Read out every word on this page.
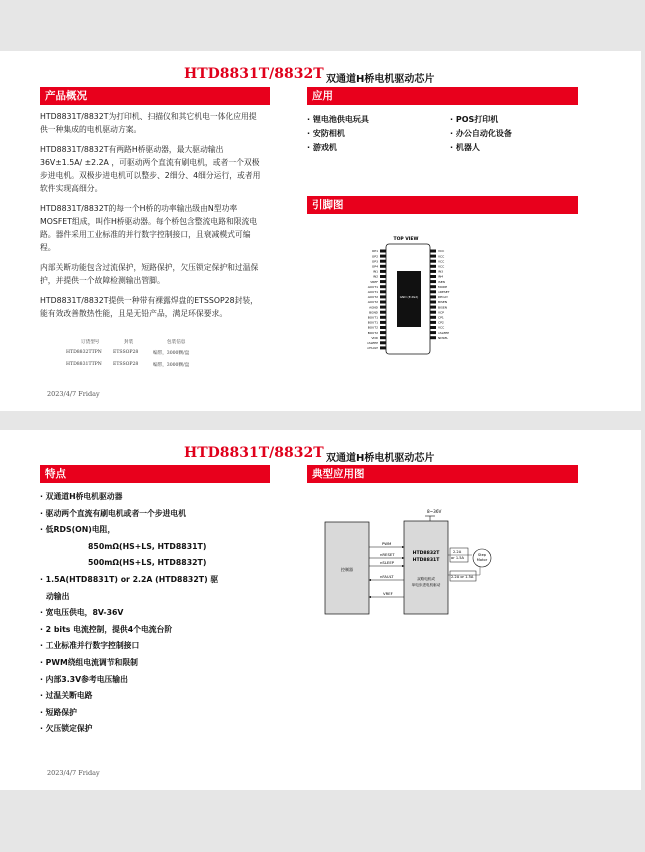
HTD8831T/8832T 双通道H桥电机驱动芯片
产品概况

HTD8831T/8832T为打印机、扫描仪和其它机电一体化应用提供一种集成的电机驱动方案。

HTD8831T/8832T有两路H桥驱动器，最大驱动输出36V±1.5A/ ±2.2A ，可驱动两个直流有刷电机，或者一个双极步进电机。双极步进电机可以整步、2细分、4细分运行，或者用软件实现高细分。

HTD8831T/8832T的每一个H桥的功率输出级由N型功率MOSFET组成，叫作H桥驱动器。每个桥包含整流电路和限流电路。器件采用工业标准的并行数字控制接口，且衰减模式可编程。

内部关断功能包含过流保护，短路保护，欠压锁定保护和过温保护，并提供一个故障检测输出管脚。

HTD8831T/8832T提供一种带有裸露焊盘的ETSSOP28封装，能有效改善散热性能，且是无铅产品，满足环保要求。

订货型号	封装	包装信息
HTD8832TTPN ETSSOP28	编带，3000颗/盘
HTD8831TTPN ETSSOP28	编带，3000颗/盘
应用
· 锂电池供电玩具
· 安防相机
· 游戏机
· POS打印机
· 办公自动化设备
· 机器人
引脚图
TOP VIEW
GND (E-Pad)
OP1
OP2
OP3
OP4
IN1
IN2
VREF
AOUT1
AOUT1
AOUT2
AOUT2
AGND
BGND
BOUT1
BOUT1
BOUT2
BOUT2
VDD
nSLEEP
nFAULT
VCC
VCC
VCC
VCC
IN3
IN4
ISEN
MODE
nRESET
DECAY
BISEN
BISEN
VCP
CP1
CP2
VCC
nSLEEP
NDSEL
2023/4/7 Friday
HTD8831T/8832T 双通道H桥电机驱动芯片
特点
· 双通道H桥电机驱动器
· 驱动两个直流有刷电机或者一个步进电机
· 低RDS(ON)电阻，
850mΩ(HS+LS, HTD8831T)
500mΩ(HS+LS, HTD8832T)
· 1.5A(HTD8831T) or 2.2A (HTD8832T) 驱
动输出
· 宽电压供电，8V-36V
· 2 bits 电流控制，提供4个电流台阶
· 工业标准并行数字控制接口
· PWM绕组电流调节和限制
· 内部3.3V参考电压输出
· 过温关断电路
· 短路保护
· 欠压锁定保护
典型应用图
8~36V
控制器
HTD8832T
HTD8831T
双路电机或
单电步进电机驱动
PWM
nRESET
nSLEEP
nFAULT
VREF
2.2A
or 1.5A
Step
Motor
2.2A or 1.5A
2023/4/7 Friday
